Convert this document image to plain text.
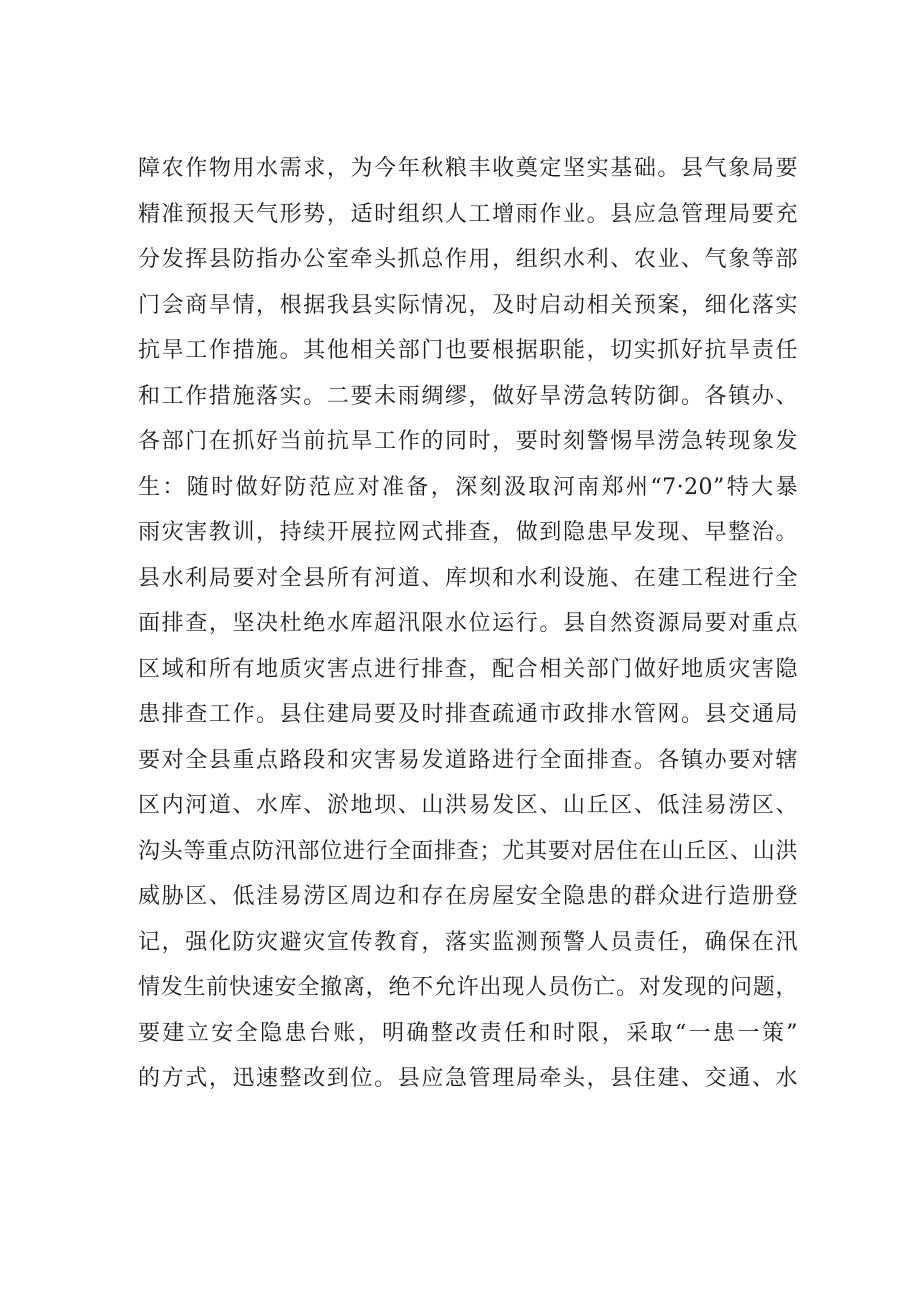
障农作物用水需求，为今年秋粮丰收奠定坚实基础。县气象局要
精准预报天气形势，适时组织人工增雨作业。县应急管理局要充
分发挥县防指办公室牵头抓总作用，组织水利、农业、气象等部
门会商旱情，根据我县实际情况，及时启动相关预案，细化落实
抗旱工作措施。其他相关部门也要根据职能，切实抓好抗旱责任
和工作措施落实。二要未雨绸缪，做好旱涝急转防御。各镇办、
各部门在抓好当前抗旱工作的同时，要时刻警惕旱涝急转现象发
生：随时做好防范应对准备，深刻汲取河南郑州“7·20”特大暴
雨灾害教训，持续开展拉网式排查，做到隐患早发现、早整治。
县水利局要对全县所有河道、库坝和水利设施、在建工程进行全
面排查，坚决杜绝水库超汛限水位运行。县自然资源局要对重点
区域和所有地质灾害点进行排查，配合相关部门做好地质灾害隐
患排查工作。县住建局要及时排查疏通市政排水管网。县交通局
要对全县重点路段和灾害易发道路进行全面排查。各镇办要对辖
区内河道、水库、淤地坝、山洪易发区、山丘区、低洼易涝区、
沟头等重点防汛部位进行全面排查；尤其要对居住在山丘区、山洪
威胁区、低洼易涝区周边和存在房屋安全隐患的群众进行造册登
记，强化防灾避灾宣传教育，落实监测预警人员责任，确保在汛
情发生前快速安全撤离，绝不允许出现人员伤亡。对发现的问题，
要建立安全隐患台账，明确整改责任和时限，采取“一患一策”
的方式，迅速整改到位。县应急管理局牵头，县住建、交通、水
